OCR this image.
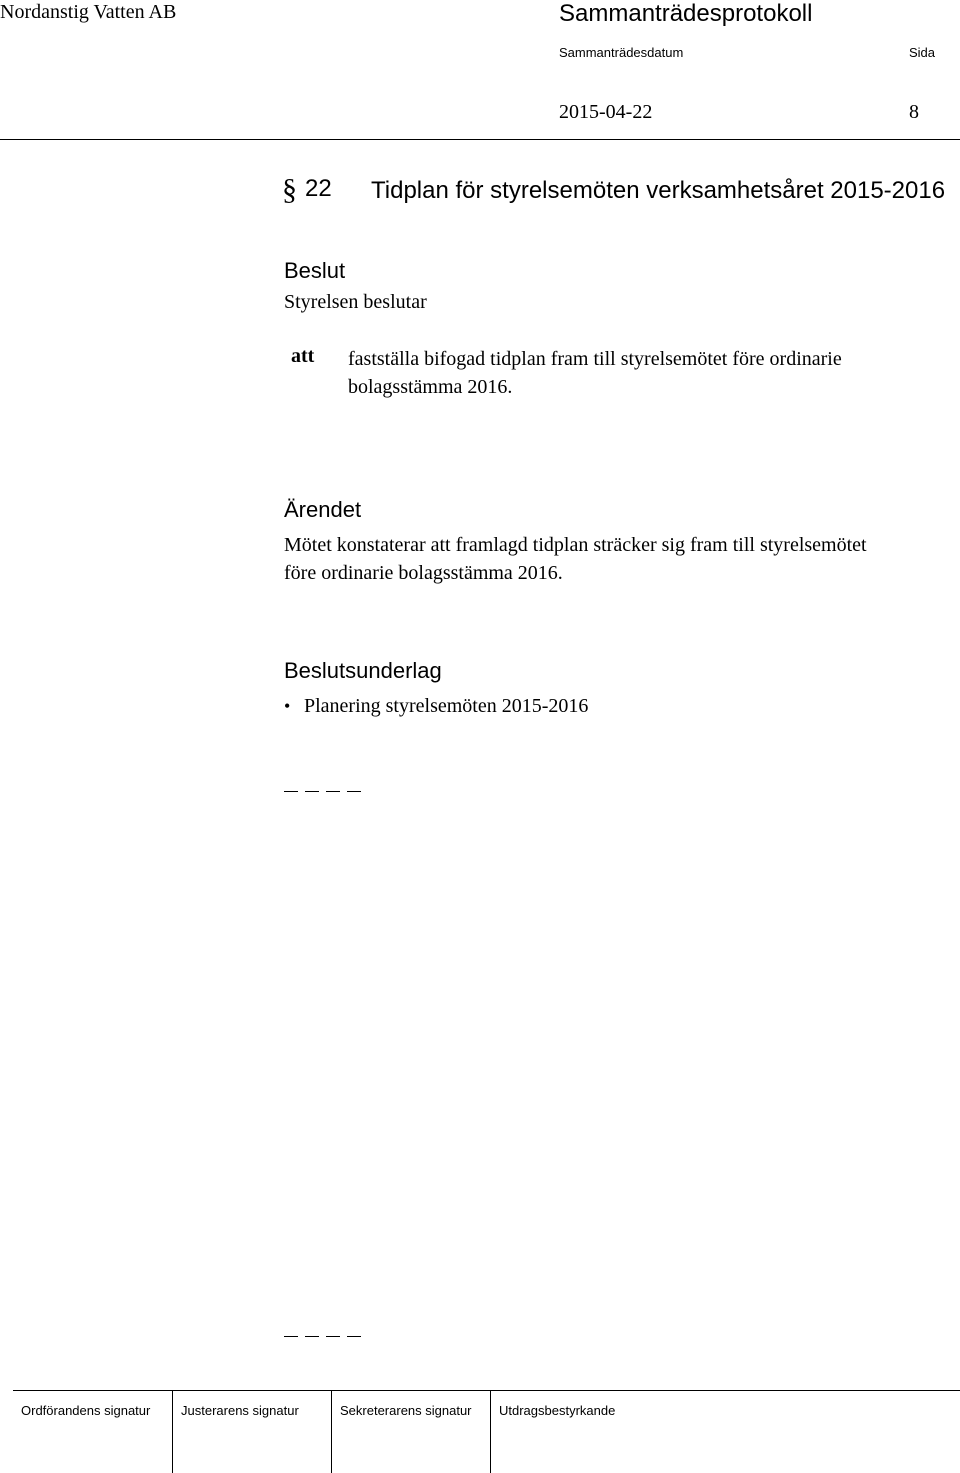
Nordanstig Vatten AB	Sammanträdesprotokoll
Sammanträdesdatum	Sida
2015-04-22	8
§ 22 Tidplan för styrelsemöten verksamhetsåret 2015-2016
Beslut
Styrelsen beslutar
att fastställa bifogad tidplan fram till styrelsemötet före ordinarie bolagsstämma 2016.
Ärendet
Mötet konstaterar att framlagd tidplan sträcker sig fram till styrelsemötet före ordinarie bolagsstämma 2016.
Beslutsunderlag
• Planering styrelsemöten 2015-2016
Ordförandens signatur	Justerarens signatur	Sekreterarens signatur	Utdragsbestyrkande
